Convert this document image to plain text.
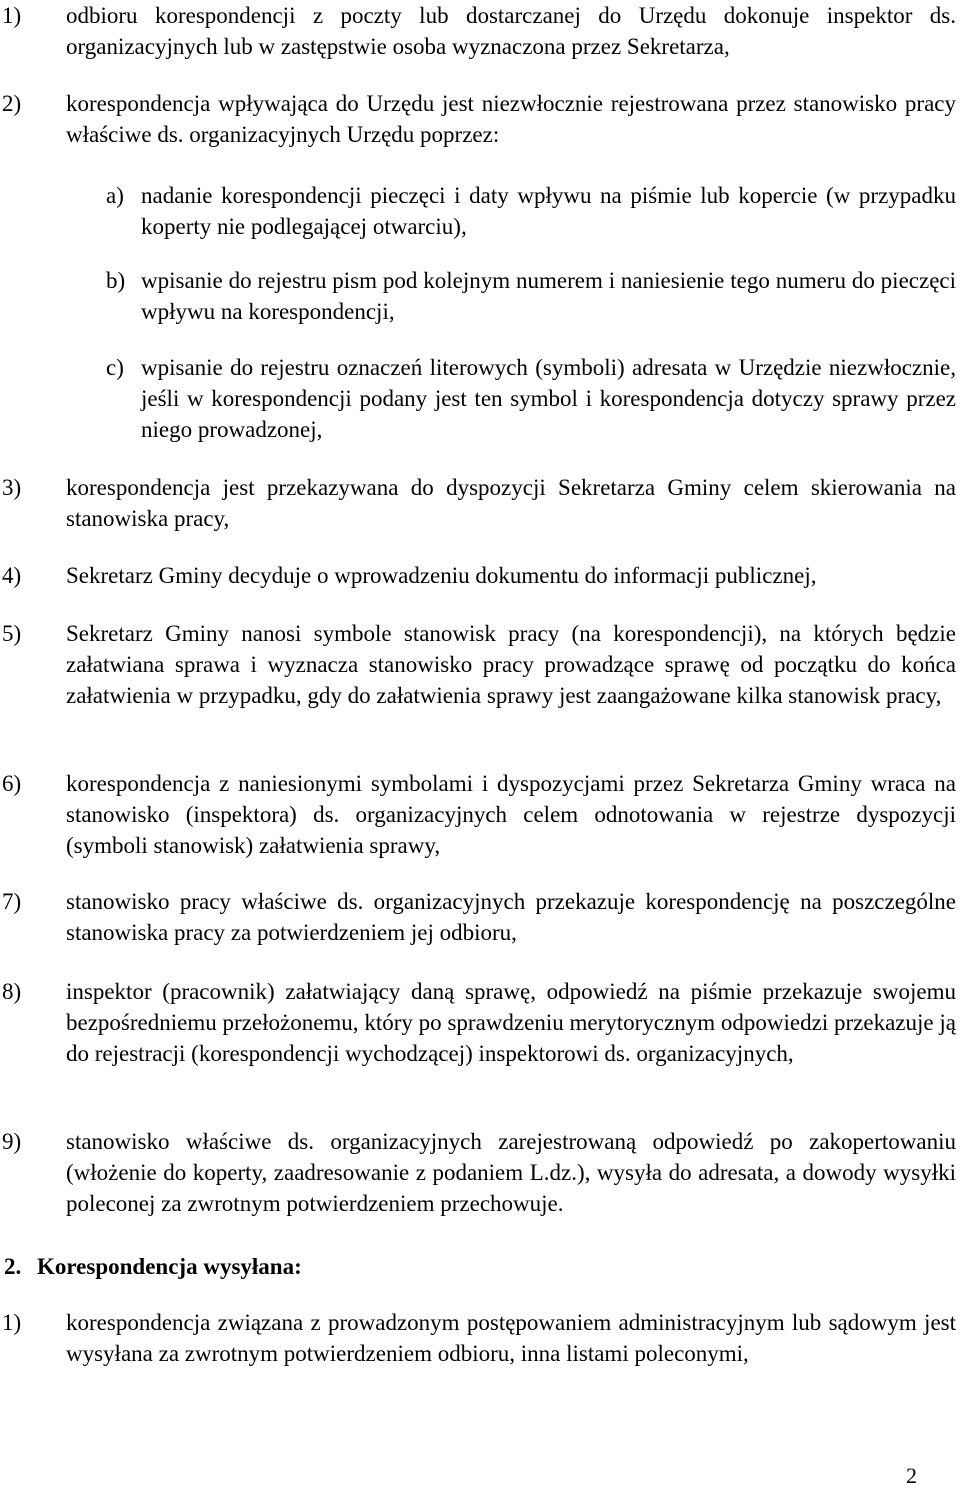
1) odbioru korespondencji z poczty lub dostarczanej do Urzędu dokonuje inspektor ds. organizacyjnych lub w zastępstwie osoba wyznaczona przez Sekretarza,

2) korespondencja wpływająca do Urzędu jest niezwłocznie rejestrowana przez stanowisko pracy właściwe ds. organizacyjnych Urzędu poprzez:

a) nadanie korespondencji pieczęci i daty wpływu na piśmie lub kopercie (w przypadku koperty nie podlegającej otwarciu),

b) wpisanie do rejestru pism pod kolejnym numerem i naniesienie tego numeru do pieczęci wpływu na korespondencji,

c) wpisanie do rejestru oznaczeń literowych (symboli) adresata w Urzędzie niezwłocznie, jeśli w korespondencji podany jest ten symbol i korespondencja dotyczy sprawy przez niego prowadzonej,

3) korespondencja jest przekazywana do dyspozycji Sekretarza Gminy celem skierowania na stanowiska pracy,

4) Sekretarz Gminy decyduje o wprowadzeniu dokumentu do informacji publicznej,

5) Sekretarz Gminy nanosi symbole stanowisk pracy (na korespondencji), na których będzie załatwiana sprawa i wyznacza stanowisko pracy prowadzące sprawę od początku do końca załatwienia w przypadku, gdy do załatwienia sprawy jest zaangażowane kilka stanowisk pracy,

6) korespondencja z naniesionymi symbolami i dyspozycjami przez Sekretarza Gminy wraca na stanowisko (inspektora) ds. organizacyjnych celem odnotowania w rejestrze dyspozycji (symboli stanowisk) załatwienia sprawy,

7) stanowisko pracy właściwe ds. organizacyjnych przekazuje korespondencję na poszczególne stanowiska pracy za potwierdzeniem jej odbioru,

8) inspektor (pracownik) załatwiający daną sprawę, odpowiedź na piśmie przekazuje swojemu bezpośredniemu przełożonemu, który po sprawdzeniu merytorycznym odpowiedzi przekazuje ją do rejestracji (korespondencji wychodzącej) inspektorowi ds. organizacyjnych,

9) stanowisko właściwe ds. organizacyjnych zarejestrowaną odpowiedź po zakopertowaniu (włożenie do koperty, zaadresowanie z podaniem L.dz.), wysyła do adresata, a dowody wysyłki poleconej za zwrotnym potwierdzeniem przechowuje.

2. Korespondencja wysyłana:

1) korespondencja związana z prowadzonym postępowaniem administracyjnym lub sądowym jest wysyłana za zwrotnym potwierdzeniem odbioru, inna listami poleconymi,

2
